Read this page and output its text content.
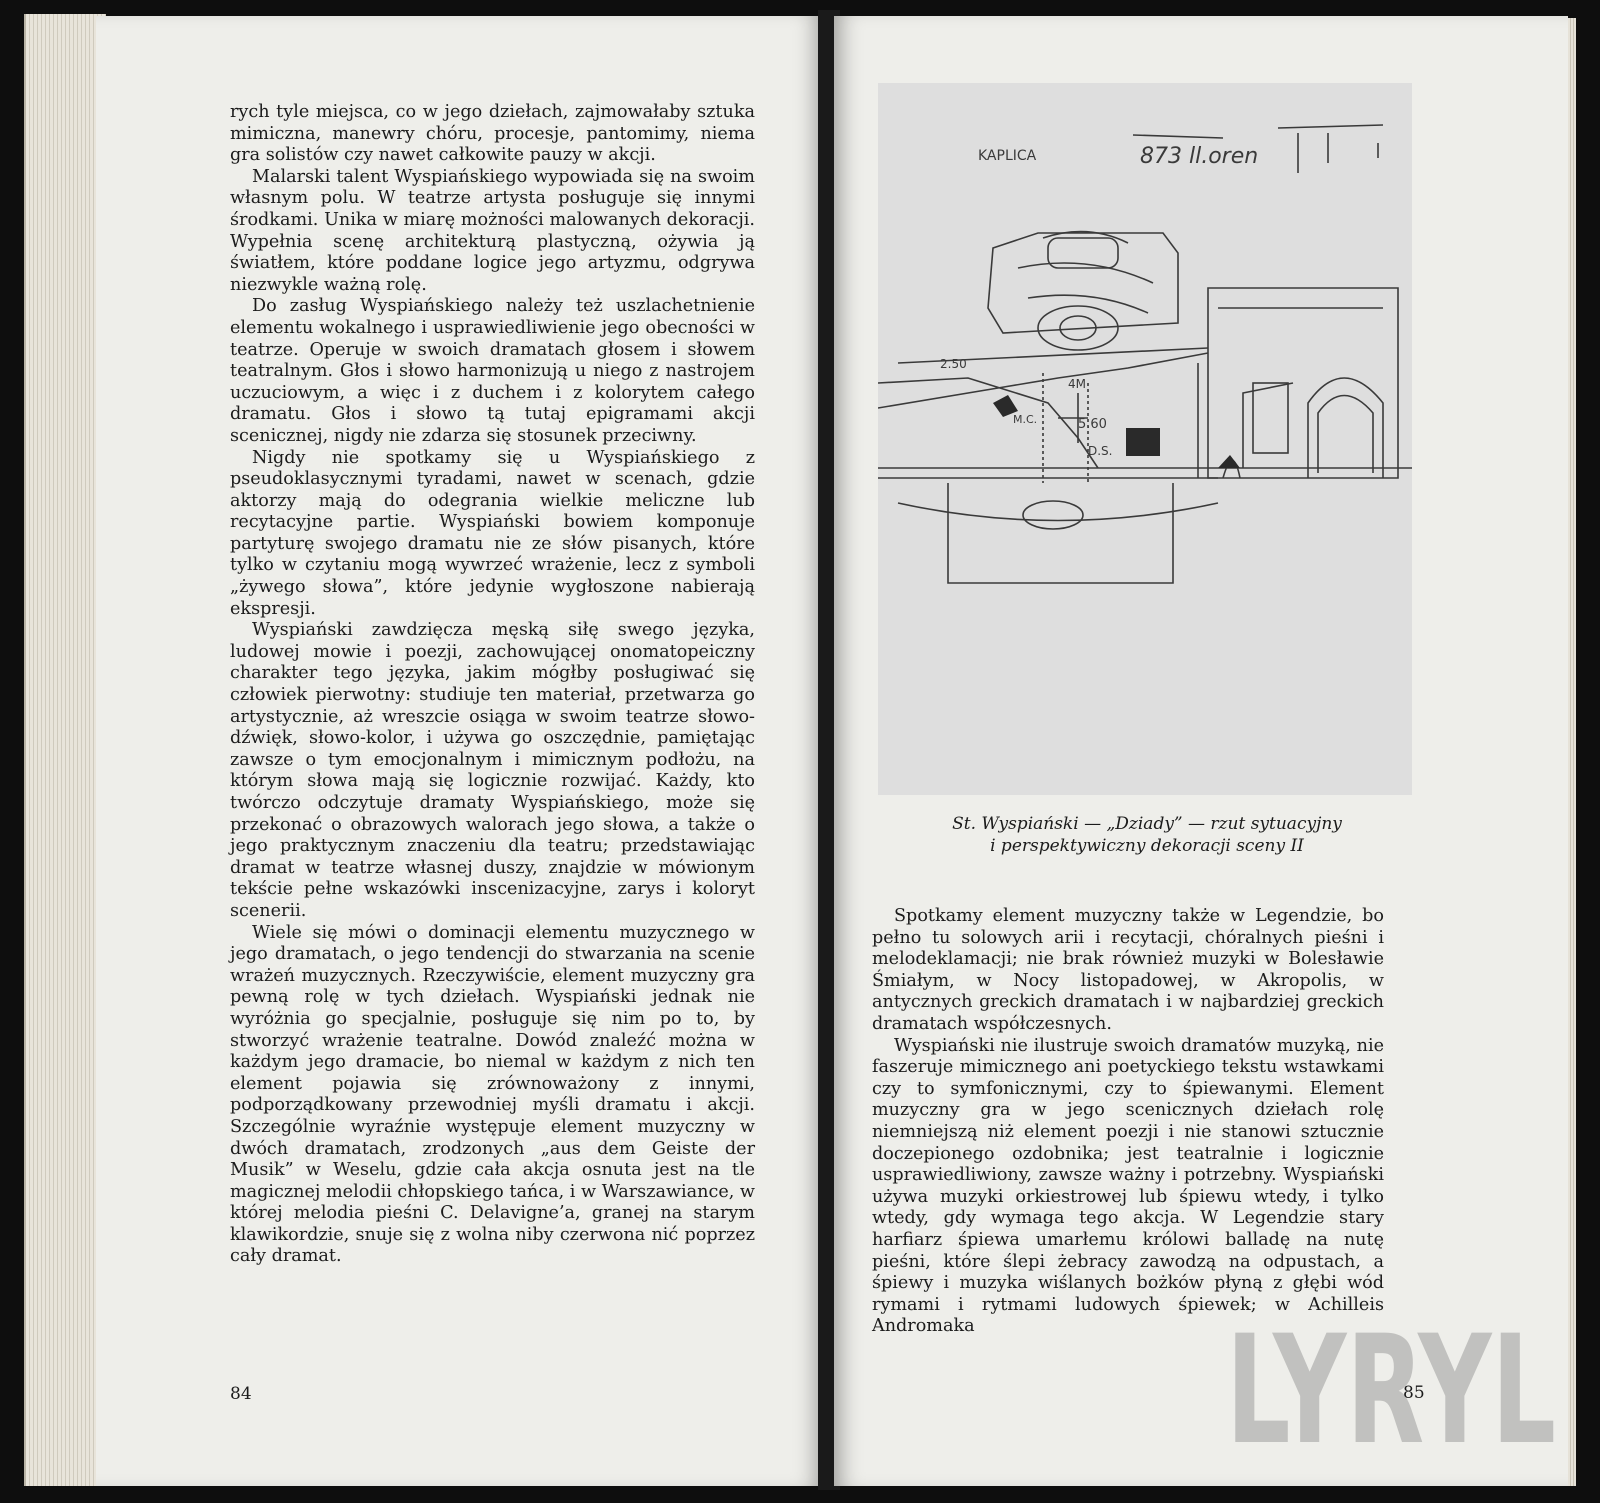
rych tyle miejsca, co w jego dziełach, zajmowałaby sztuka mimiczna, manewry chóru, procesje, pantomimy, niema gra solistów czy nawet całkowite pauzy w akcji.

Malarski talent Wyspiańskiego wypowiada się na swoim własnym polu. W teatrze artysta posługuje się innymi środkami. Unika w miarę możności malowanych dekoracji. Wypełnia scenę architekturą plastyczną, ożywia ją światłem, które poddane logice jego artyzmu, odgrywa niezwykle ważną rolę.

Do zasług Wyspiańskiego należy też uszlachetnienie elementu wokalnego i usprawiedliwienie jego obecności w teatrze. Operuje w swoich dramatach głosem i słowem teatralnym. Głos i słowo harmonizują u niego z nastrojem uczuciowym, a więc i z duchem i z kolorytem całego dramatu. Głos i słowo tą tutaj epigramami akcji scenicznej, nigdy nie zdarza się stosunek przeciwny.

Nigdy nie spotkamy się u Wyspiańskiego z pseudoklasycznymi tyradami, nawet w scenach, gdzie aktorzy mają do odegrania wielkie meliczne lub recytacyjne partie. Wyspiański bowiem komponuje partyturę swojego dramatu nie ze słów pisanych, które tylko w czytaniu mogą wywrzeć wrażenie, lecz z symboli „żywego słowa”, które jedynie wygłoszone nabierają ekspresji.

Wyspiański zawdzięcza męską siłę swego języka, ludowej mowie i poezji, zachowującej onomatopeiczny charakter tego języka, jakim mógłby posługiwać się człowiek pierwotny: studiuje ten materiał, przetwarza go artystycznie, aż wreszcie osiąga w swoim teatrze słowo-dźwięk, słowo-kolor, i używa go oszczędnie, pamiętając zawsze o tym emocjonalnym i mimicznym podłożu, na którym słowa mają się logicznie rozwijać. Każdy, kto twórczo odczytuje dramaty Wyspiańskiego, może się przekonać o obrazowych walorach jego słowa, a także o jego praktycznym znaczeniu dla teatru; przedstawiając dramat w teatrze własnej duszy, znajdzie w mówionym tekście pełne wskazówki inscenizacyjne, zarys i koloryt scenerii.

Wiele się mówi o dominacji elementu muzycznego w jego dramatach, o jego tendencji do stwarzania na scenie wrażeń muzycznych. Rzeczywiście, element muzyczny gra pewną rolę w tych dziełach. Wyspiański jednak nie wyróżnia go specjalnie, posługuje się nim po to, by stworzyć wrażenie teatralne. Dowód znaleźć można w każdym jego dramacie, bo niemal w każdym z nich ten element pojawia się zrównoważony z innymi, podporządkowany przewodniej myśli dramatu i akcji. Szczególnie wyraźnie występuje element muzyczny w dwóch dramatach, zrodzonych „aus dem Geiste der Musik” w Weselu, gdzie cała akcja osnuta jest na tle magicznej melodii chłopskiego tańca, i w Warszawiance, w której melodia pieśni C. Delavigne’a, granej na starym klawikordzie, snuje się z wolna niby czerwona nić poprzez cały dramat.

84
KAPLICA	873 ll.oren
2.50
4M
5.60
D.S.
M.C.
St. Wyspiański — „Dziady” — rzut sytuacyjny
i perspektywiczny dekoracji sceny II

Spotkamy element muzyczny także w Legendzie, bo pełno tu solowych arii i recytacji, chóralnych pieśni i melodeklamacji; nie brak również muzyki w Bolesławie Śmiałym, w Nocy listopadowej, w Akropolis, w antycznych greckich dramatach i w najbardziej greckich dramatach współczesnych.

Wyspiański nie ilustruje swoich dramatów muzyką, nie faszeruje mimicznego ani poetyckiego tekstu wstawkami czy to symfonicznymi, czy to śpiewanymi. Element muzyczny gra w jego scenicznych dziełach rolę niemniejszą niż element poezji i nie stanowi sztucznie doczepionego ozdobnika; jest teatralnie i logicznie usprawiedliwiony, zawsze ważny i potrzebny. Wyspiański używa muzyki orkiestrowej lub śpiewu wtedy, i tylko wtedy, gdy wymaga tego akcja. W Legendzie stary harfiarz śpiewa umarłemu królowi balladę na nutę pieśni, które ślepi żebracy zawodzą na odpustach, a śpiewy i muzyka wiślanych bożków płyną z głębi wód rymami i rytmami ludowych śpiewek; w Achilleis Andromaka

85
LYRYL
